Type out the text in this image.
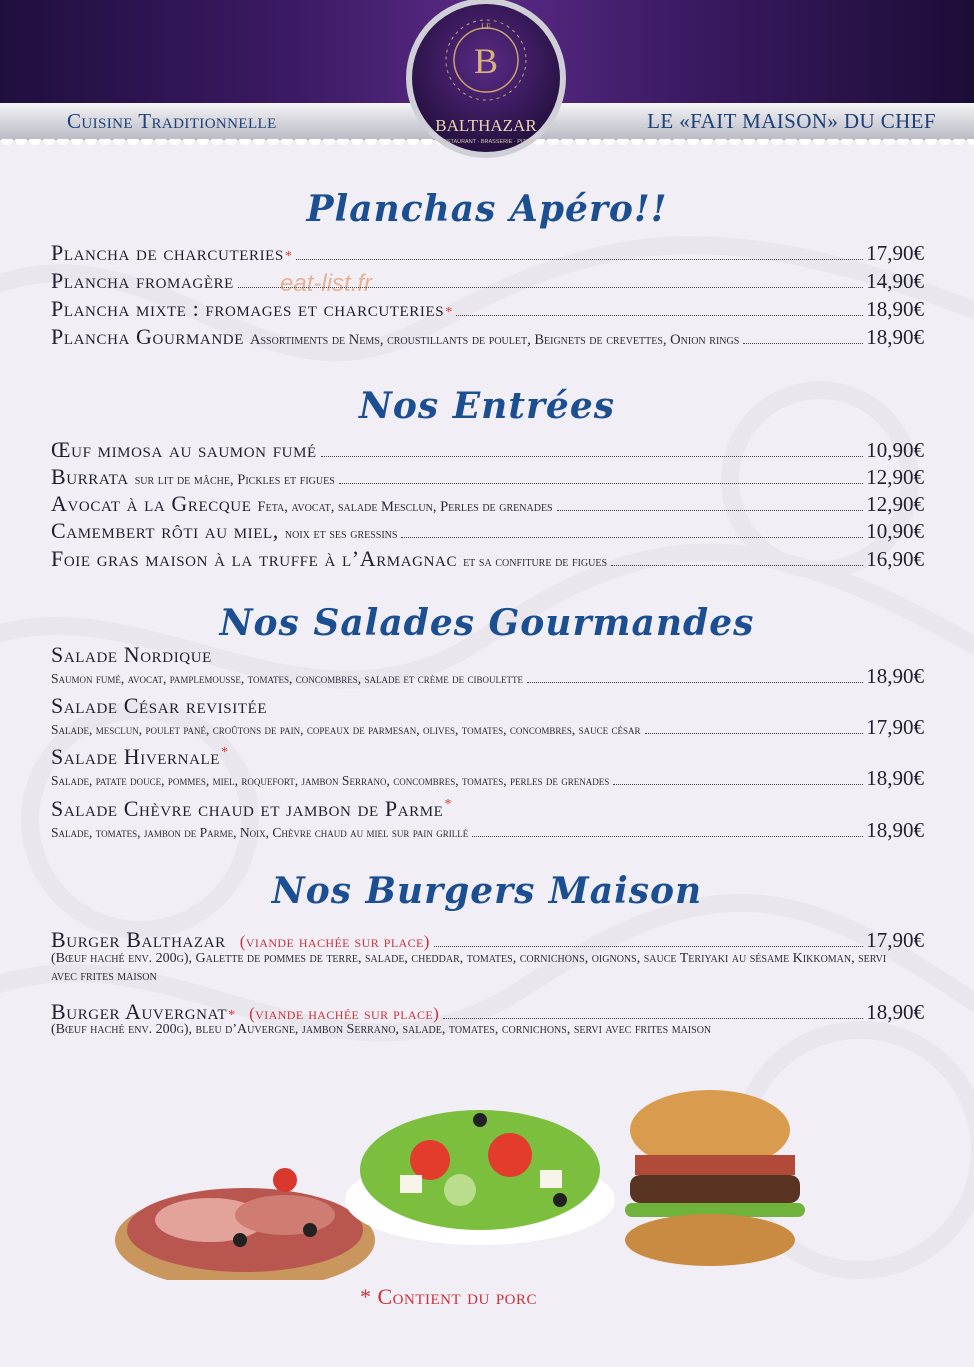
Cuisine Traditionnelle	LE «FAIT MAISON» DU CHEF
LE
B
BALTHAZAR
RESTAURANT · BRASSERIE · PIZZA
eat-list.fr
Planchas Apéro!!
Plancha de charcuteries *	17,90€
Plancha fromagère	14,90€
Plancha mixte : fromages et charcuteries *	18,90€
Plancha Gourmande Assortiments de Nems, croustillants de poulet, Beignets de crevettes, Onion rings	18,90€
Nos Entrées
Œuf mimosa au saumon fumé	10,90€
Burrata sur lit de mâche, Pickles et figues	12,90€
Avocat à la Grecque Feta, avocat, salade Mesclun, Perles de grenades	12,90€
Camembert rôti au miel, noix et ses gressins	10,90€
Foie gras maison à la truffe à l’Armagnac et sa confiture de figues	16,90€
Nos Salades Gourmandes
Salade Nordique
Saumon fumé, avocat, pamplemousse, tomates, concombres, salade et crème de ciboulette	18,90€
Salade César revisitée
Salade, mesclun, poulet pané, croûtons de pain, copeaux de parmesan, olives, tomates, concombres, sauce césar	17,90€
Salade Hivernale*
Salade, patate douce, pommes, miel, roquefort, jambon Serrano, concombres, tomates, perles de grenades	18,90€
Salade Chèvre chaud et jambon de Parme*
Salade, tomates, jambon de Parme, Noix, Chèvre chaud au miel sur pain grillé	18,90€
Nos Burgers Maison
Burger Balthazar (viande hachée sur place)	17,90€
(Bœuf haché env. 200g), Galette de pommes de terre, salade, cheddar, tomates, cornichons, oignons, sauce Teriyaki au sésame Kikkoman, servi avec frites maison
Burger Auvergnat * (viande hachée sur place)	18,90€
(Bœuf haché env. 200g), bleu d’Auvergne, jambon Serrano, salade, tomates, cornichons, servi avec frites maison
* Contient du porc
